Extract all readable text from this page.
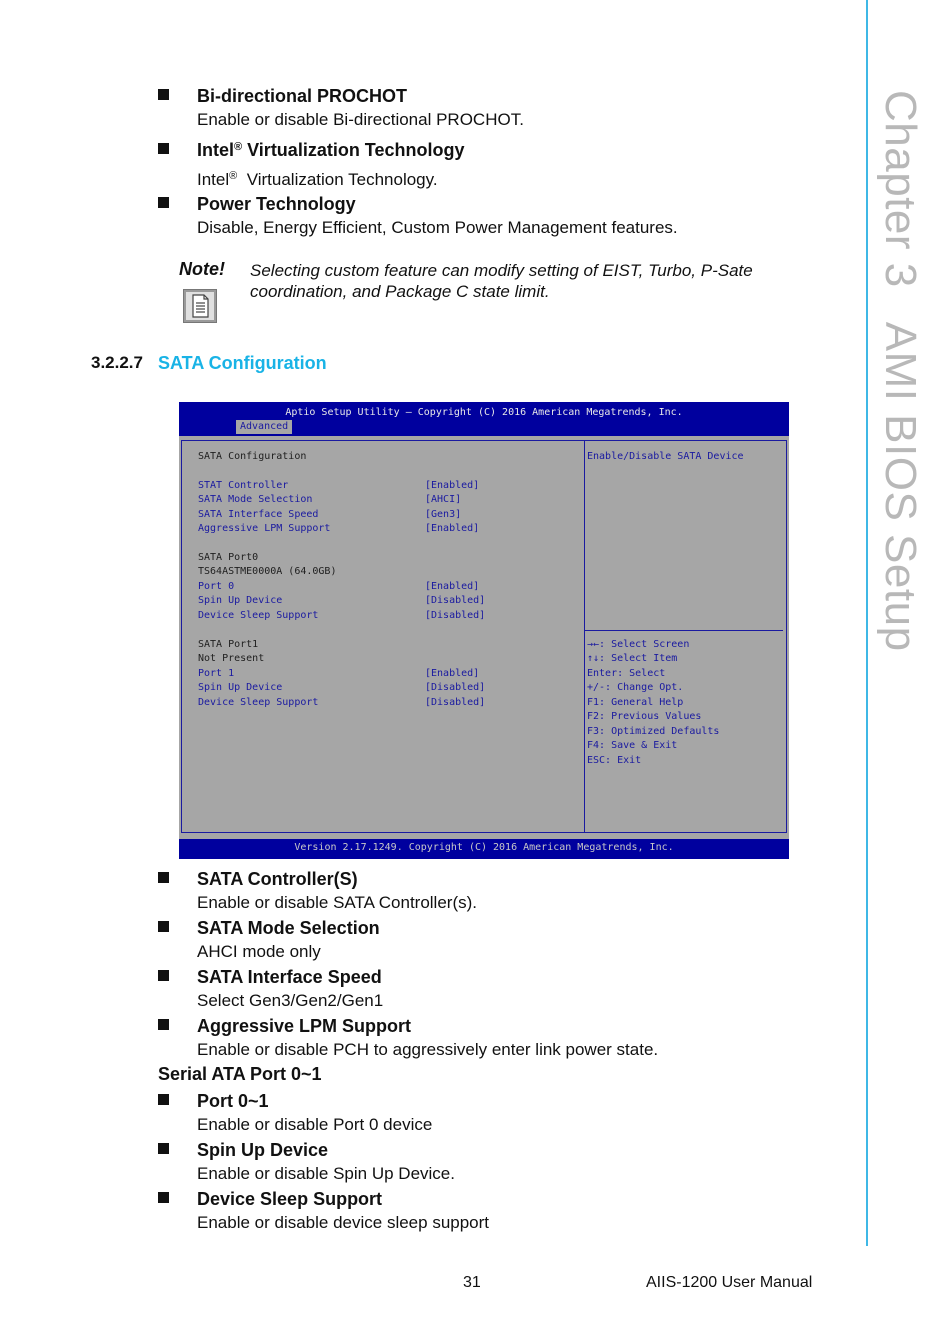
Chapter 3AMI BIOS Setup
Bi-directional PROCHOT
Enable or disable Bi-directional PROCHOT.
Intel® Virtualization Technology
Intel®  Virtualization Technology.
Power Technology
Disable, Energy Efficient, Custom Power Management features.
Note! Selecting custom feature can modify setting of EIST, Turbo, P-Sate coordination, and Package C state limit.
3.2.2.7 SATA Configuration
Aptio Setup Utility – Copyright (C) 2016 American Megatrends, Inc.
Advanced
SATA Configuration
STAT Controller	[Enabled]
SATA Mode Selection	[AHCI]
SATA Interface Speed	[Gen3]
Aggressive LPM Support	[Enabled]
SATA Port0
TS64ASTME0000A (64.0GB)
Port 0	[Enabled]
Spin Up Device	[Disabled]
Device Sleep Support	[Disabled]
SATA Port1
Not Present
Port 1	[Enabled]
Spin Up Device	[Disabled]
Device Sleep Support	[Disabled]
Enable/Disable SATA Device
→←: Select Screen
↑↓: Select Item
Enter: Select
+/-: Change Opt.
F1: General Help
F2: Previous Values
F3: Optimized Defaults
F4: Save & Exit
ESC: Exit
Version 2.17.1249. Copyright (C) 2016 American Megatrends, Inc.
SATA Controller(S)
Enable or disable SATA Controller(s).
SATA Mode Selection
AHCI mode only
SATA Interface Speed
Select Gen3/Gen2/Gen1
Aggressive LPM Support
Enable or disable PCH to aggressively enter link power state.
Serial ATA Port 0~1
Port 0~1
Enable or disable Port 0 device
Spin Up Device
Enable or disable Spin Up Device.
Device Sleep Support
Enable or disable device sleep support
31	AIIS-1200 User Manual
